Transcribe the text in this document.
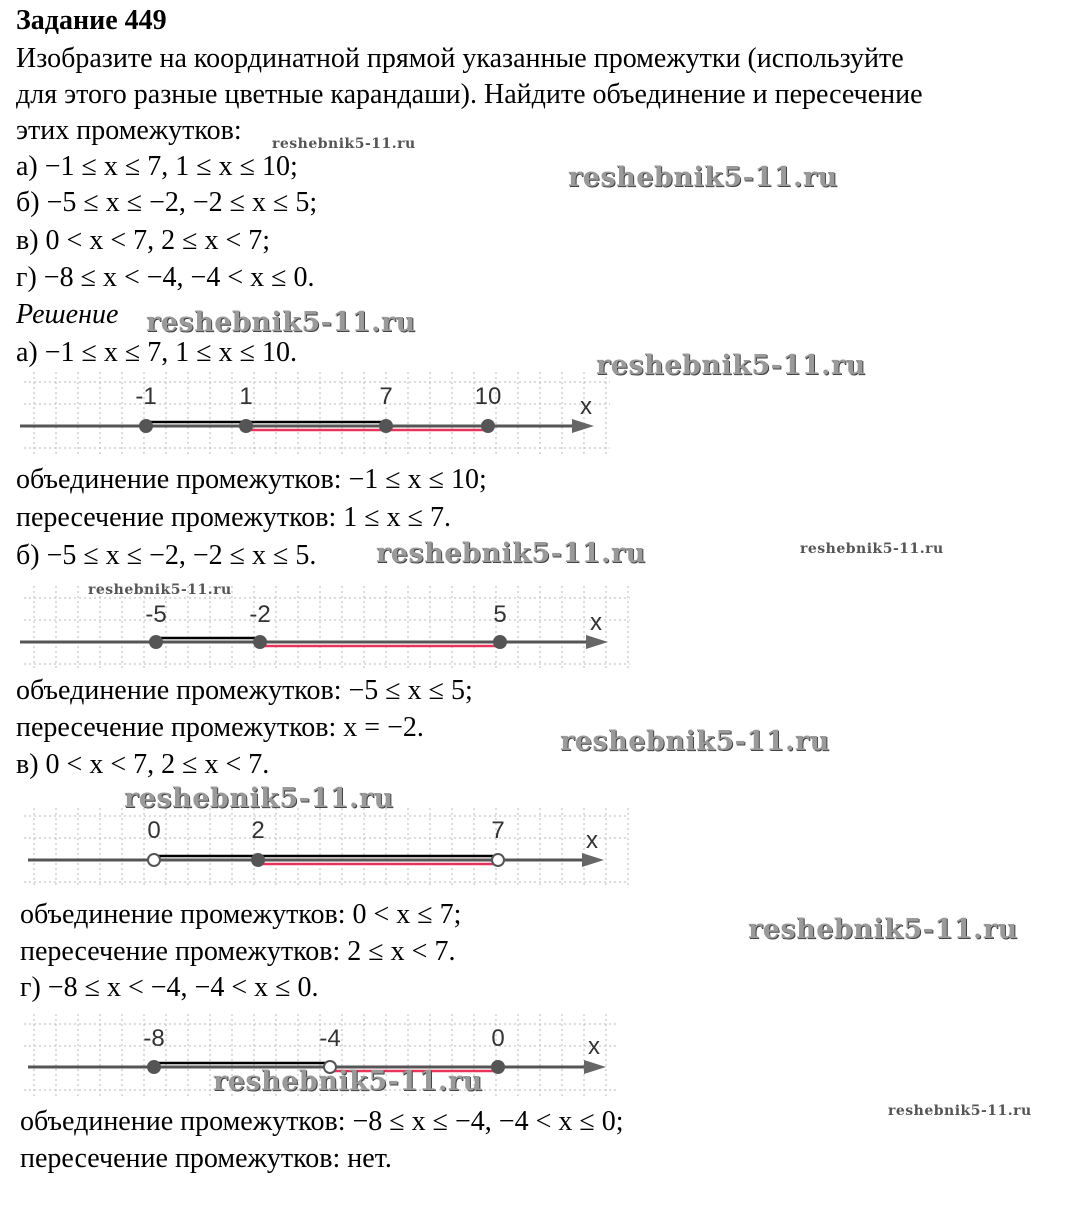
Задание 449
Изобразите на координатной прямой указанные промежутки (используйте
для этого разные цветные карандаши). Найдите объединение и пересечение
этих промежутков:
а) −1 ≤ x ≤ 7, 1 ≤ x ≤ 10;
б) −5 ≤ x ≤ −2, −2 ≤ x ≤ 5;
в) 0 < x < 7, 2 ≤ x < 7;
г) −8 ≤ x < −4, −4 < x ≤ 0.
Решение
а) −1 ≤ x ≤ 7, 1 ≤ x ≤ 10.
x
-1	1	7	10
объединение промежутков: −1 ≤ x ≤ 10;
пересечение промежутков: 1 ≤ x ≤ 7.
б) −5 ≤ x ≤ −2, −2 ≤ x ≤ 5.
x
-5	-2	5
объединение промежутков: −5 ≤ x ≤ 5;
пересечение промежутков: x = −2.
в) 0 < x < 7, 2 ≤ x < 7.
x
0	2	7
объединение промежутков: 0 < x ≤ 7;
пересечение промежутков: 2 ≤ x < 7.
г) −8 ≤ x < −4, −4 < x ≤ 0.
x
-8	-4	0
объединение промежутков: −8 ≤ x ≤ −4, −4 < x ≤ 0;
пересечение промежутков: нет.
reshebnik5-11.ru
reshebnik5-11.ru
reshebnik5-11.ru
reshebnik5-11.ru
reshebnik5-11.ru	reshebnik5-11.ru
reshebnik5-11.ru
reshebnik5-11.ru
reshebnik5-11.ru
reshebnik5-11.ru
reshebnik5-11.ru
reshebnik5-11.ru
